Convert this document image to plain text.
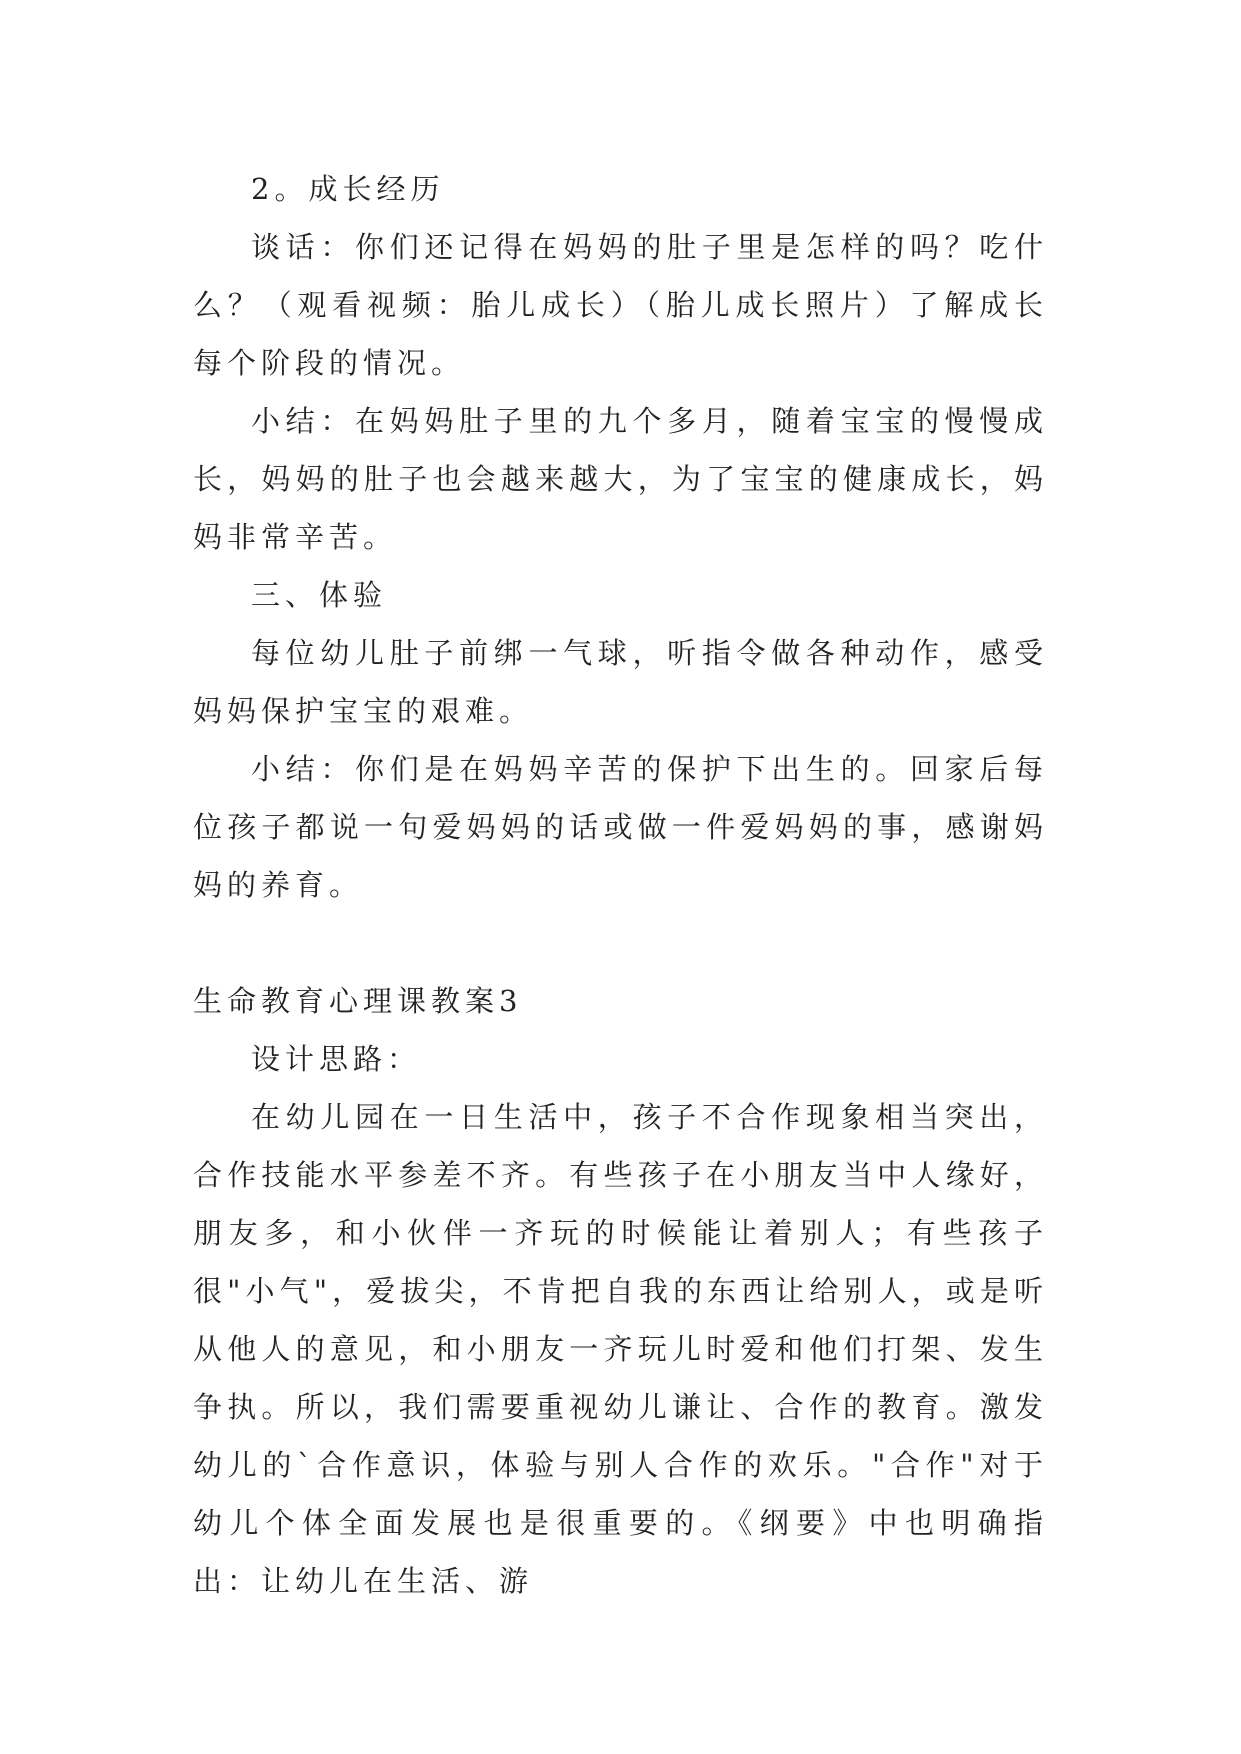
2。成长经历

谈话：你们还记得在妈妈的肚子里是怎样的吗？吃什么？（观看视频：胎儿成长）（胎儿成长照片）了解成长每个阶段的情况。

小结：在妈妈肚子里的九个多月，随着宝宝的慢慢成长，妈妈的肚子也会越来越大，为了宝宝的健康成长，妈妈非常辛苦。

三、体验

每位幼儿肚子前绑一气球，听指令做各种动作，感受妈妈保护宝宝的艰难。

小结：你们是在妈妈辛苦的保护下出生的。回家后每位孩子都说一句爱妈妈的话或做一件爱妈妈的事，感谢妈妈的养育。

生命教育心理课教案3

设计思路：

在幼儿园在一日生活中，孩子不合作现象相当突出，合作技能水平参差不齐。有些孩子在小朋友当中人缘好，朋友多，和小伙伴一齐玩的时候能让着别人；有些孩子很"小气"，爱拔尖，不肯把自我的东西让给别人，或是听从他人的意见，和小朋友一齐玩儿时爱和他们打架、发生争执。所以，我们需要重视幼儿谦让、合作的教育。激发幼儿的`合作意识，体验与别人合作的欢乐。"合作"对于幼儿个体全面发展也是很重要的。《纲要》中也明确指出：让幼儿在生活、游
